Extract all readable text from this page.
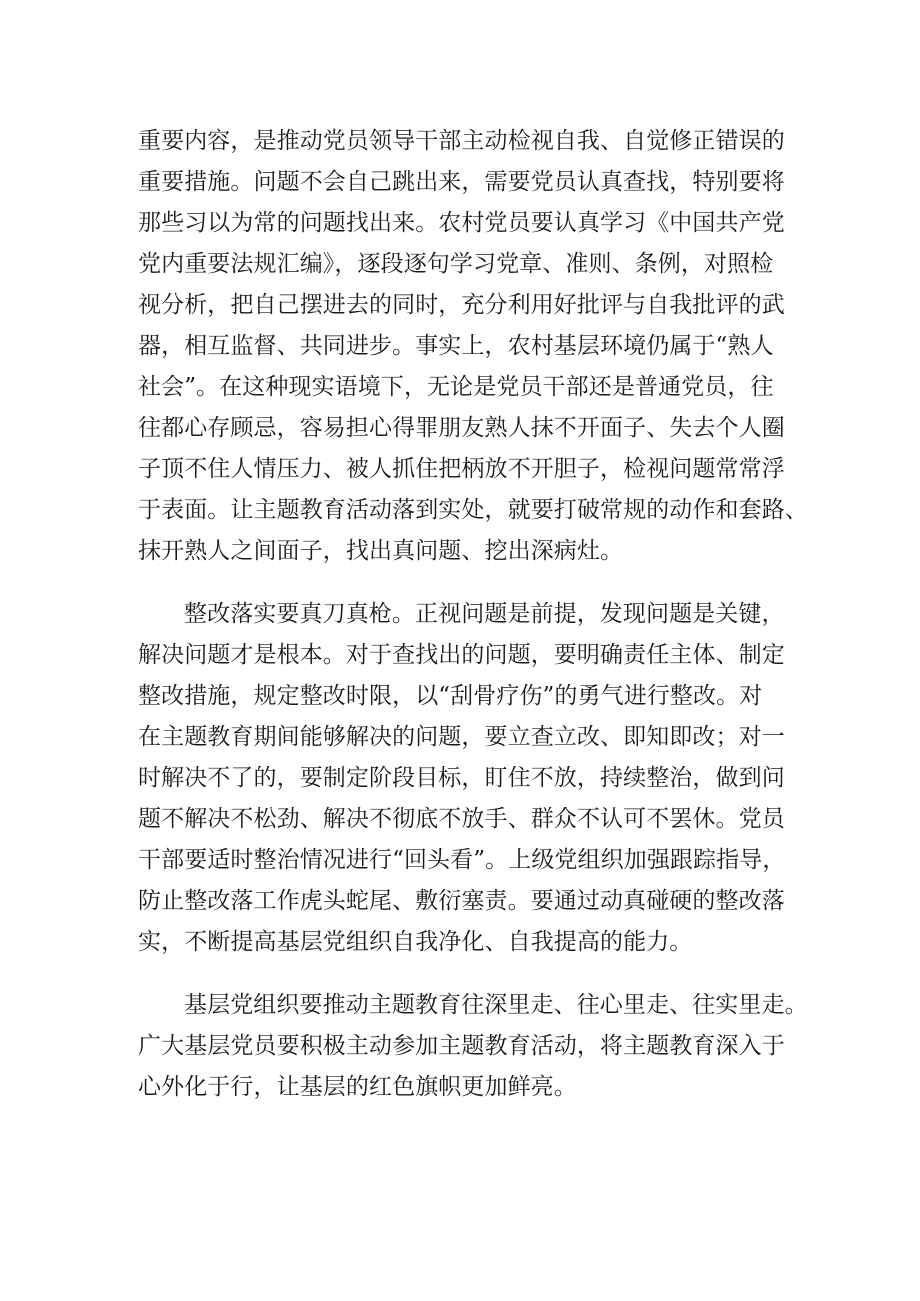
重要内容，是推动党员领导干部主动检视自我、自觉修正错误的
重要措施。问题不会自己跳出来，需要党员认真查找，特别要将
那些习以为常的问题找出来。农村党员要认真学习《中国共产党
党内重要法规汇编》，逐段逐句学习党章、准则、条例，对照检
视分析，把自己摆进去的同时，充分利用好批评与自我批评的武
器，相互监督、共同进步。事实上，农村基层环境仍属于“熟人
社会”。在这种现实语境下，无论是党员干部还是普通党员，往
往都心存顾忌，容易担心得罪朋友熟人抹不开面子、失去个人圈
子顶不住人情压力、被人抓住把柄放不开胆子，检视问题常常浮
于表面。让主题教育活动落到实处，就要打破常规的动作和套路、
抹开熟人之间面子，找出真问题、挖出深病灶。
整改落实要真刀真枪。正视问题是前提，发现问题是关键，
解决问题才是根本。对于查找出的问题，要明确责任主体、制定
整改措施，规定整改时限，以“刮骨疗伤”的勇气进行整改。对
在主题教育期间能够解决的问题，要立查立改、即知即改；对一
时解决不了的，要制定阶段目标，盯住不放，持续整治，做到问
题不解决不松劲、解决不彻底不放手、群众不认可不罢休。党员
干部要适时整治情况进行“回头看”。上级党组织加强跟踪指导，
防止整改落工作虎头蛇尾、敷衍塞责。要通过动真碰硬的整改落
实，不断提高基层党组织自我净化、自我提高的能力。
基层党组织要推动主题教育往深里走、往心里走、往实里走。
广大基层党员要积极主动参加主题教育活动，将主题教育深入于
心外化于行，让基层的红色旗帜更加鲜亮。
